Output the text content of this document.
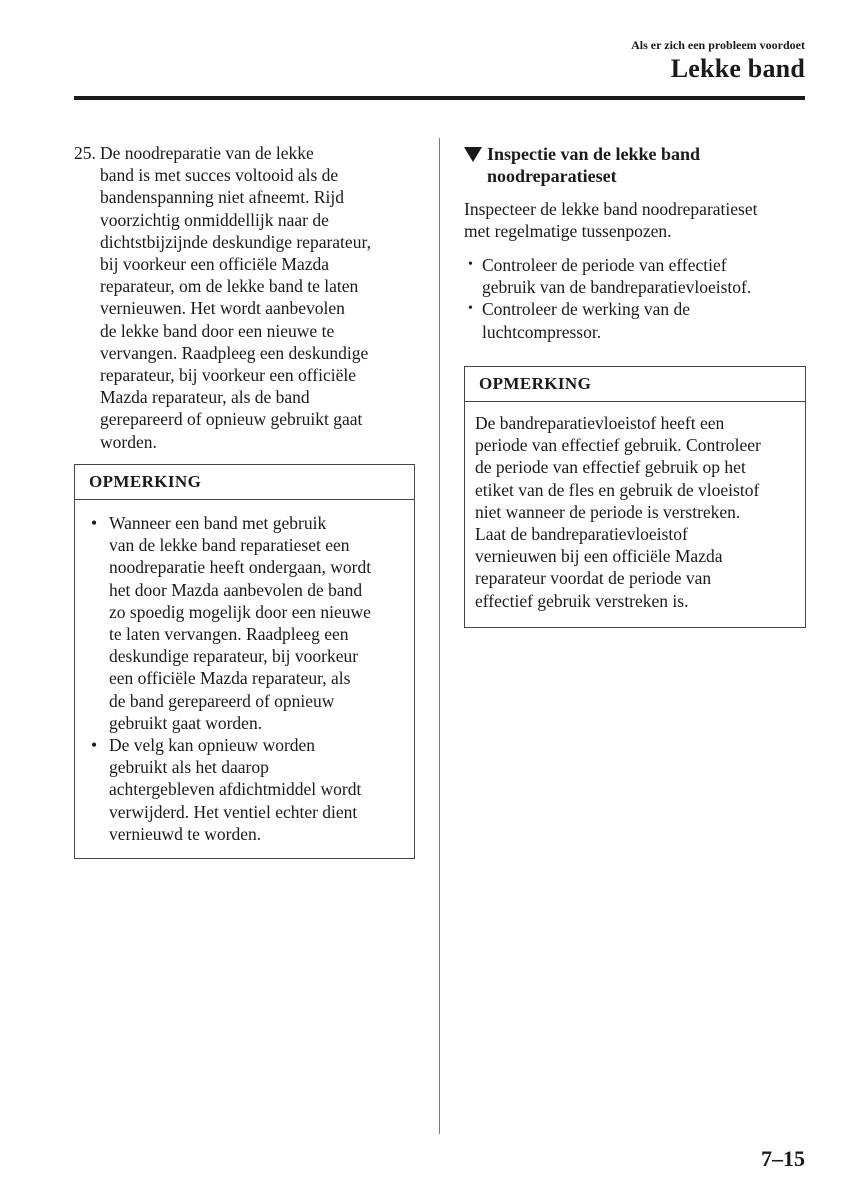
Als er zich een probleem voordoet
Lekke band
25. De noodreparatie van de lekke
band is met succes voltooid als de
bandenspanning niet afneemt. Rijd
voorzichtig onmiddellijk naar de
dichtstbijzijnde deskundige reparateur,
bij voorkeur een officiële Mazda
reparateur, om de lekke band te laten
vernieuwen. Het wordt aanbevolen
de lekke band door een nieuwe te
vervangen. Raadpleeg een deskundige
reparateur, bij voorkeur een officiële
Mazda reparateur, als de band
gerepareerd of opnieuw gebruikt gaat
worden.
OPMERKING
• Wanneer een band met gebruik
van de lekke band reparatieset een
noodreparatie heeft ondergaan, wordt
het door Mazda aanbevolen de band
zo spoedig mogelijk door een nieuwe
te laten vervangen. Raadpleeg een
deskundige reparateur, bij voorkeur
een officiële Mazda reparateur, als
de band gerepareerd of opnieuw
gebruikt gaat worden.
• De velg kan opnieuw worden
gebruikt als het daarop
achtergebleven afdichtmiddel wordt
verwijderd. Het ventiel echter dient
vernieuwd te worden.
Inspectie van de lekke band
noodreparatieset
Inspecteer de lekke band noodreparatieset
met regelmatige tussenpozen.
• Controleer de periode van effectief
gebruik van de bandreparatievloeistof.
• Controleer de werking van de
luchtcompressor.
OPMERKING
De bandreparatievloeistof heeft een
periode van effectief gebruik. Controleer
de periode van effectief gebruik op het
etiket van de fles en gebruik de vloeistof
niet wanneer de periode is verstreken.
Laat de bandreparatievloeistof
vernieuwen bij een officiële Mazda
reparateur voordat de periode van
effectief gebruik verstreken is.
7–15
